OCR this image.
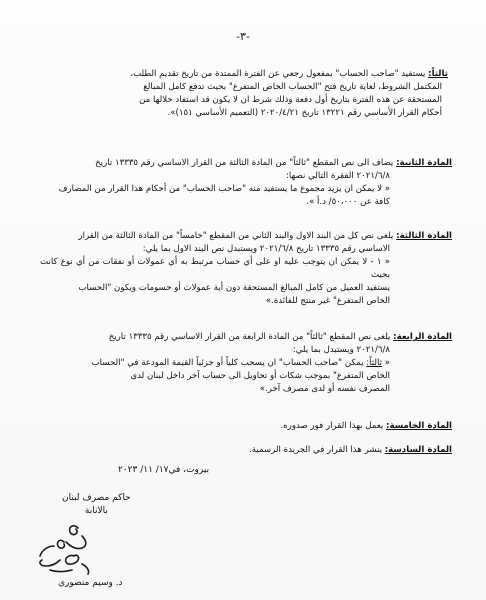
-٣-

ثالثاً: يستفيد "صاحب الحساب" بمفعول رجعي عن الفترة الممتدة من تاريخ تقديم الطلب،

المكتمل الشروط، لغاية تاريخ فتح "الحساب الخاص المتفرع" بحيث تدفع كامل المبالغ

المستحقة عن هذه الفترة بتاريخ أول دفعة وذلك شرط ان لا يكون قد استفاد خلالها من

أحكام القرار الأساسي رقم ١٣٢٢١ تاريخ ٢٠٢٠/٤/٢١ (التعميم الأساسي ١٥١)».

المادة الثانية: يضاف الى نص المقطع "ثالثاً" من المادة الثالثة من القرار الاساسي رقم ١٣٣٣٥ تاريخ

٢٠٢١/٦/٨ الفقرة التالي نصها:

« لا يمكن ان يزيد مجموع ما يستفيد منه "صاحب الحساب" من أحكام هذا القرار من المصارف

كافة عن ٥٠،٠٠٠/ د.أ ».

المادة الثالثة: يلغى نص كل من البند الاول والبند الثاني من المقطع "خامساً" من المادة الثالثة من القرار

الاساسي رقم ١٣٣٣٥ تاريخ ٢٠٢١/٦/٨ ويستبدل نص البند الاول بما يلي:

« ١ - لا يمكن ان يتوجب عليه او على أي حساب مرتبط به أي عمولات أو نفقات من أي نوع كانت بحيث

يستفيد العميل من كامل المبالغ المستحقة دون أية عمولات أو حسومات ويكون "الحساب

الخاص المتفرع" غير منتج للفائدة.»

المادة الرابعة: يلغى نص المقطع "ثالثاً" من المادة الرابعة من القرار الاساسي رقم ١٣٣٣٥ تاريخ

٢٠٢١/٦/٨ ويستبدل بما يلي:

« ثالثاً: يمكن "صاحب الحساب" ان يسحب كلياً أو جزئياً القيمة المودعة في "الحساب

الخاص المتفرع" بموجب شكات أو تحاويل الى حساب آخر داخل لبنان لدى

المصرف نفسه أو لدى مصرف آخر.»

المادة الخامسة: يعمل بهذا القرار فور صدوره.

المادة السادسة: ينشر هذا القرار في الجريدة الرسمية.

بيروت، في١٧/ ١١/ ٢٠٢٣
حاكم مصرف لبنان
بالانابة
د. وسيم منصوري
